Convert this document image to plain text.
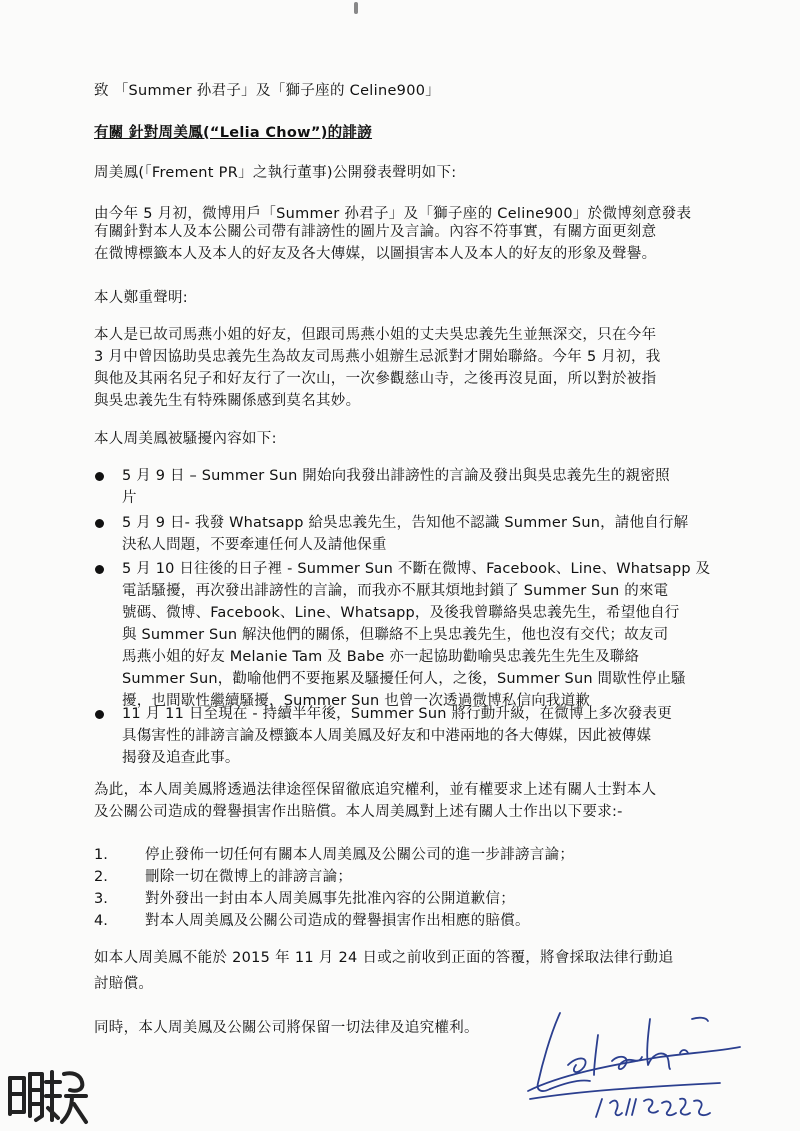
致 「Summer 孙君子」及「獅子座的 Celine900」
有關 針對周美鳳(“Lelia Chow”)的誹謗
周美鳳(「Frement PR」之執行董事)公開發表聲明如下:
由今年 5 月初，微博用戶「Summer 孙君子」及「獅子座的 Celine900」於微博刻意發表
有關針對本人及本公關公司帶有誹謗性的圖片及言論。內容不符事實，有關方面更刻意
在微博標籤本人及本人的好友及各大傳媒，以圖損害本人及本人的好友的形象及聲譽。
本人鄭重聲明:
本人是已故司馬燕小姐的好友，但跟司馬燕小姐的丈夫吳忠義先生並無深交，只在今年
3 月中曾因協助吳忠義先生為故友司馬燕小姐辦生忌派對才開始聯絡。今年 5 月初，我
與他及其兩名兒子和好友行了一次山，一次參觀慈山寺，之後再沒見面，所以對於被指
與吳忠義先生有特殊關係感到莫名其妙。
本人周美鳳被騷擾內容如下:
5 月 9 日 – Summer Sun 開始向我發出誹謗性的言論及發出與吳忠義先生的親密照
片
5 月 9 日- 我發 Whatsapp 給吳忠義先生，告知他不認識 Summer Sun，請他自行解
決私人問題，不要牽連任何人及請他保重
5 月 10 日往後的日子裡 - Summer Sun 不斷在微博、Facebook、Line、Whatsapp 及
電話騷擾，再次發出誹謗性的言論，而我亦不厭其煩地封鎖了 Summer Sun 的來電
號碼、微博、Facebook、Line、Whatsapp，及後我曾聯絡吳忠義先生，希望他自行
與 Summer Sun 解決他們的關係，但聯絡不上吳忠義先生，他也沒有交代；故友司
馬燕小姐的好友 Melanie Tam 及 Babe 亦一起協助勸喻吳忠義先生先生及聯絡
Summer Sun，勸喻他們不要拖累及騷擾任何人，之後，Summer Sun 間歇性停止騷
擾，也間歇性繼續騷擾，Summer Sun 也曾一次透過微博私信向我道歉
11 月 11 日至現在 - 持續半年後，Summer Sun 將行動升級，在微博上多次發表更
具傷害性的誹謗言論及標籤本人周美鳳及好友和中港兩地的各大傳媒，因此被傳媒
揭發及追查此事。
為此，本人周美鳳將透過法律途徑保留徹底追究權利，並有權要求上述有關人士對本人
及公關公司造成的聲譽損害作出賠償。本人周美鳳對上述有關人士作出以下要求:-
1.	停止發佈一切任何有關本人周美鳳及公關公司的進一步誹謗言論；
2.	刪除一切在微博上的誹謗言論；
3.	對外發出一封由本人周美鳳事先批准內容的公開道歉信；
4.	對本人周美鳳及公關公司造成的聲譽損害作出相應的賠償。
如本人周美鳳不能於 2015 年 11 月 24 日或之前收到正面的答覆，將會採取法律行動追
討賠償。
同時，本人周美鳳及公關公司將保留一切法律及追究權利。
